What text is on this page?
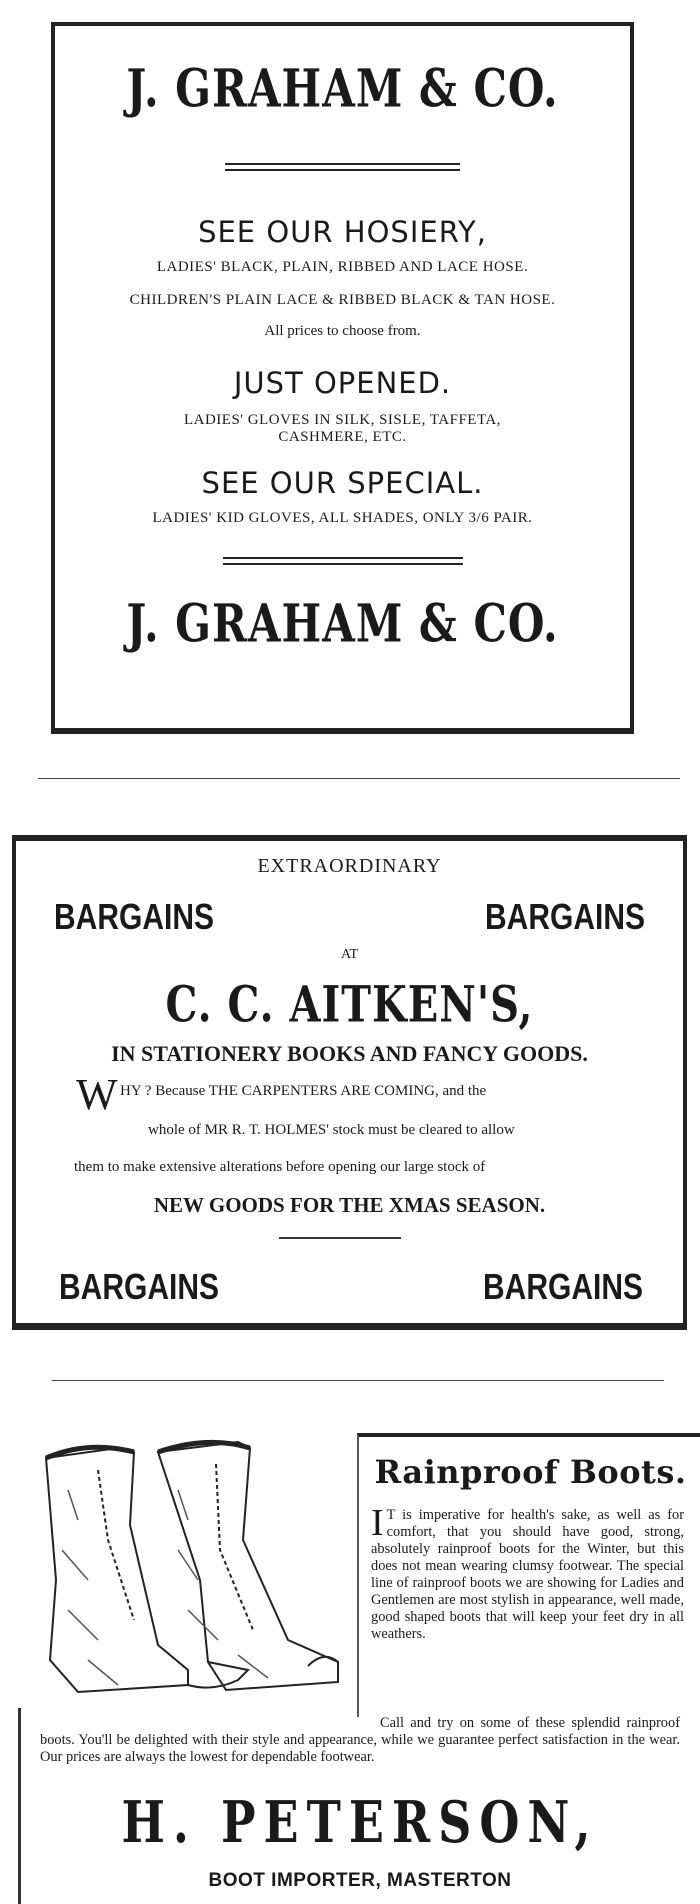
J. GRAHAM & CO.
SEE OUR HOSIERY,
LADIES' BLACK, PLAIN, RIBBED AND LACE HOSE.
CHILDREN'S PLAIN LACE & RIBBED BLACK & TAN HOSE.
All prices to choose from.
JUST OPENED.
LADIES' GLOVES IN SILK, SISLE, TAFFETA,
CASHMERE, ETC.
SEE OUR SPECIAL.
LADIES' KID GLOVES, ALL SHADES, ONLY 3/6 PAIR.
J. GRAHAM & CO.
EXTRAORDINARY
BARGAINS	BARGAINS
AT
C. C. AITKEN'S,
IN STATIONERY BOOKS AND FANCY GOODS.
W HY ? Because THE CARPENTERS ARE COMING, and the
whole of MR R. T. HOLMES' stock must be cleared to allow
them to make extensive alterations before opening our large stock of
NEW GOODS FOR THE XMAS SEASON.
BARGAINS	BARGAINS
Rainproof Boots.
I T is imperative for health's sake, as well as for comfort, that you should have good, strong, absolutely rainproof boots for the Winter, but this does not mean wearing clumsy footwear. The special line of rainproof boots we are showing for Ladies and Gentlemen are most stylish in appearance, well made, good shaped boots that will keep your feet dry in all weathers.
Call and try on some of these splendid rainproof boots. You'll be delighted with their style and appearance, while we guarantee perfect satisfaction in the wear. Our prices are always the lowest for dependable footwear.
H. PETERSON,
BOOT IMPORTER, MASTERTON
